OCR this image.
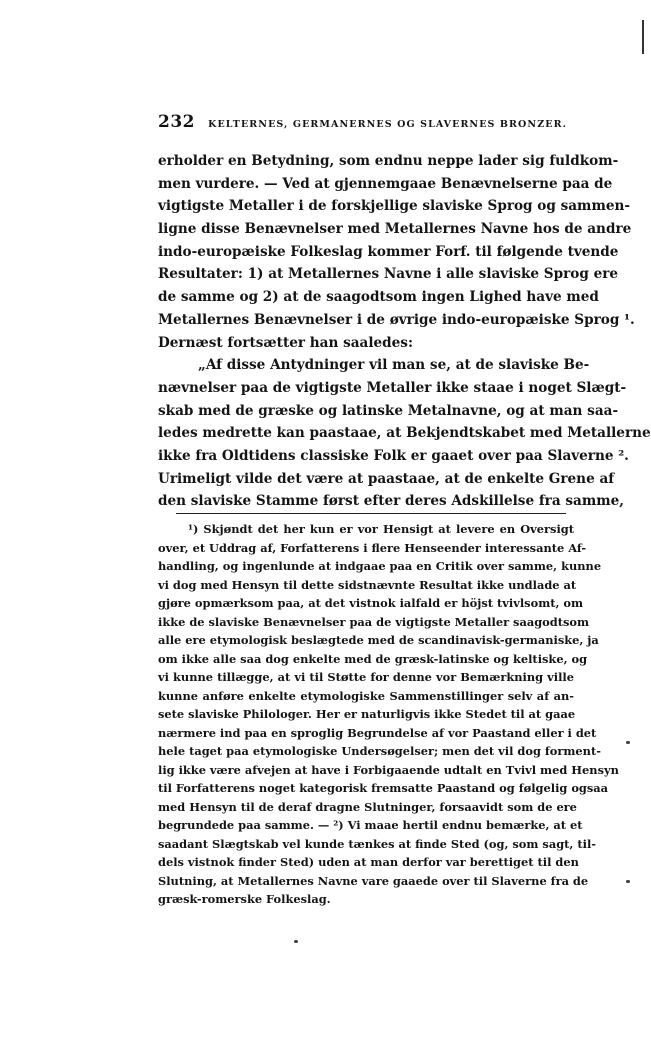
232 KELTERNES, GERMANERNES OG SLAVERNES BRONZER.
erholder en Betydning, som endnu neppe lader sig fuldkom-
men vurdere. — Ved at gjennemgaae Benævnelserne paa de
vigtigste Metaller i de forskjellige slaviske Sprog og sammen-
ligne disse Benævnelser med Metallernes Navne hos de andre
indo-europæiske Folkeslag kommer Forf. til følgende tvende
Resultater: 1) at Metallernes Navne i alle slaviske Sprog ere
de samme og 2) at de saagodtsom ingen Lighed have med
Metallernes Benævnelser i de øvrige indo-europæiske Sprog ¹.
Dernæst fortsætter han saaledes:
„Af disse Antydninger vil man se, at de slaviske Be-
nævnelser paa de vigtigste Metaller ikke staae i noget Slægt-
skab med de græske og latinske Metalnavne, og at man saa-
ledes medrette kan paastaae, at Bekjendtskabet med Metallerne
ikke fra Oldtidens classiske Folk er gaaet over paa Slaverne ².
Urimeligt vilde det være at paastaae, at de enkelte Grene af
den slaviske Stamme først efter deres Adskillelse fra samme,
¹) Skjøndt det her kun er vor Hensigt at levere en Oversigt
over, et Uddrag af, Forfatterens i flere Henseender interessante Af-
handling, og ingenlunde at indgaae paa en Critik over samme, kunne
vi dog med Hensyn til dette sidstnævnte Resultat ikke undlade at
gjøre opmærksom paa, at det vistnok ialfald er höjst tvivlsomt, om
ikke de slaviske Benævnelser paa de vigtigste Metaller saagodtsom
alle ere etymologisk beslægtede med de scandinavisk-germaniske, ja
om ikke alle saa dog enkelte med de græsk-latinske og keltiske, og
vi kunne tillægge, at vi til Støtte for denne vor Bemærkning ville
kunne anføre enkelte etymologiske Sammenstillinger selv af an-
sete slaviske Philologer. Her er naturligvis ikke Stedet til at gaae
nærmere ind paa en sproglig Begrundelse af vor Paastand eller i det
hele taget paa etymologiske Undersøgelser; men det vil dog forment-
lig ikke være afvejen at have i Forbigaaende udtalt en Tvivl med Hensyn
til Forfatterens noget kategorisk fremsatte Paastand og følgelig ogsaa
med Hensyn til de deraf dragne Slutninger, forsaavidt som de ere
begrundede paa samme. — ²) Vi maae hertil endnu bemærke, at et
saadant Slægtskab vel kunde tænkes at finde Sted (og, som sagt, til-
dels vistnok finder Sted) uden at man derfor var berettiget til den
Slutning, at Metallernes Navne vare gaaede over til Slaverne fra de
græsk-romerske Folkeslag.
